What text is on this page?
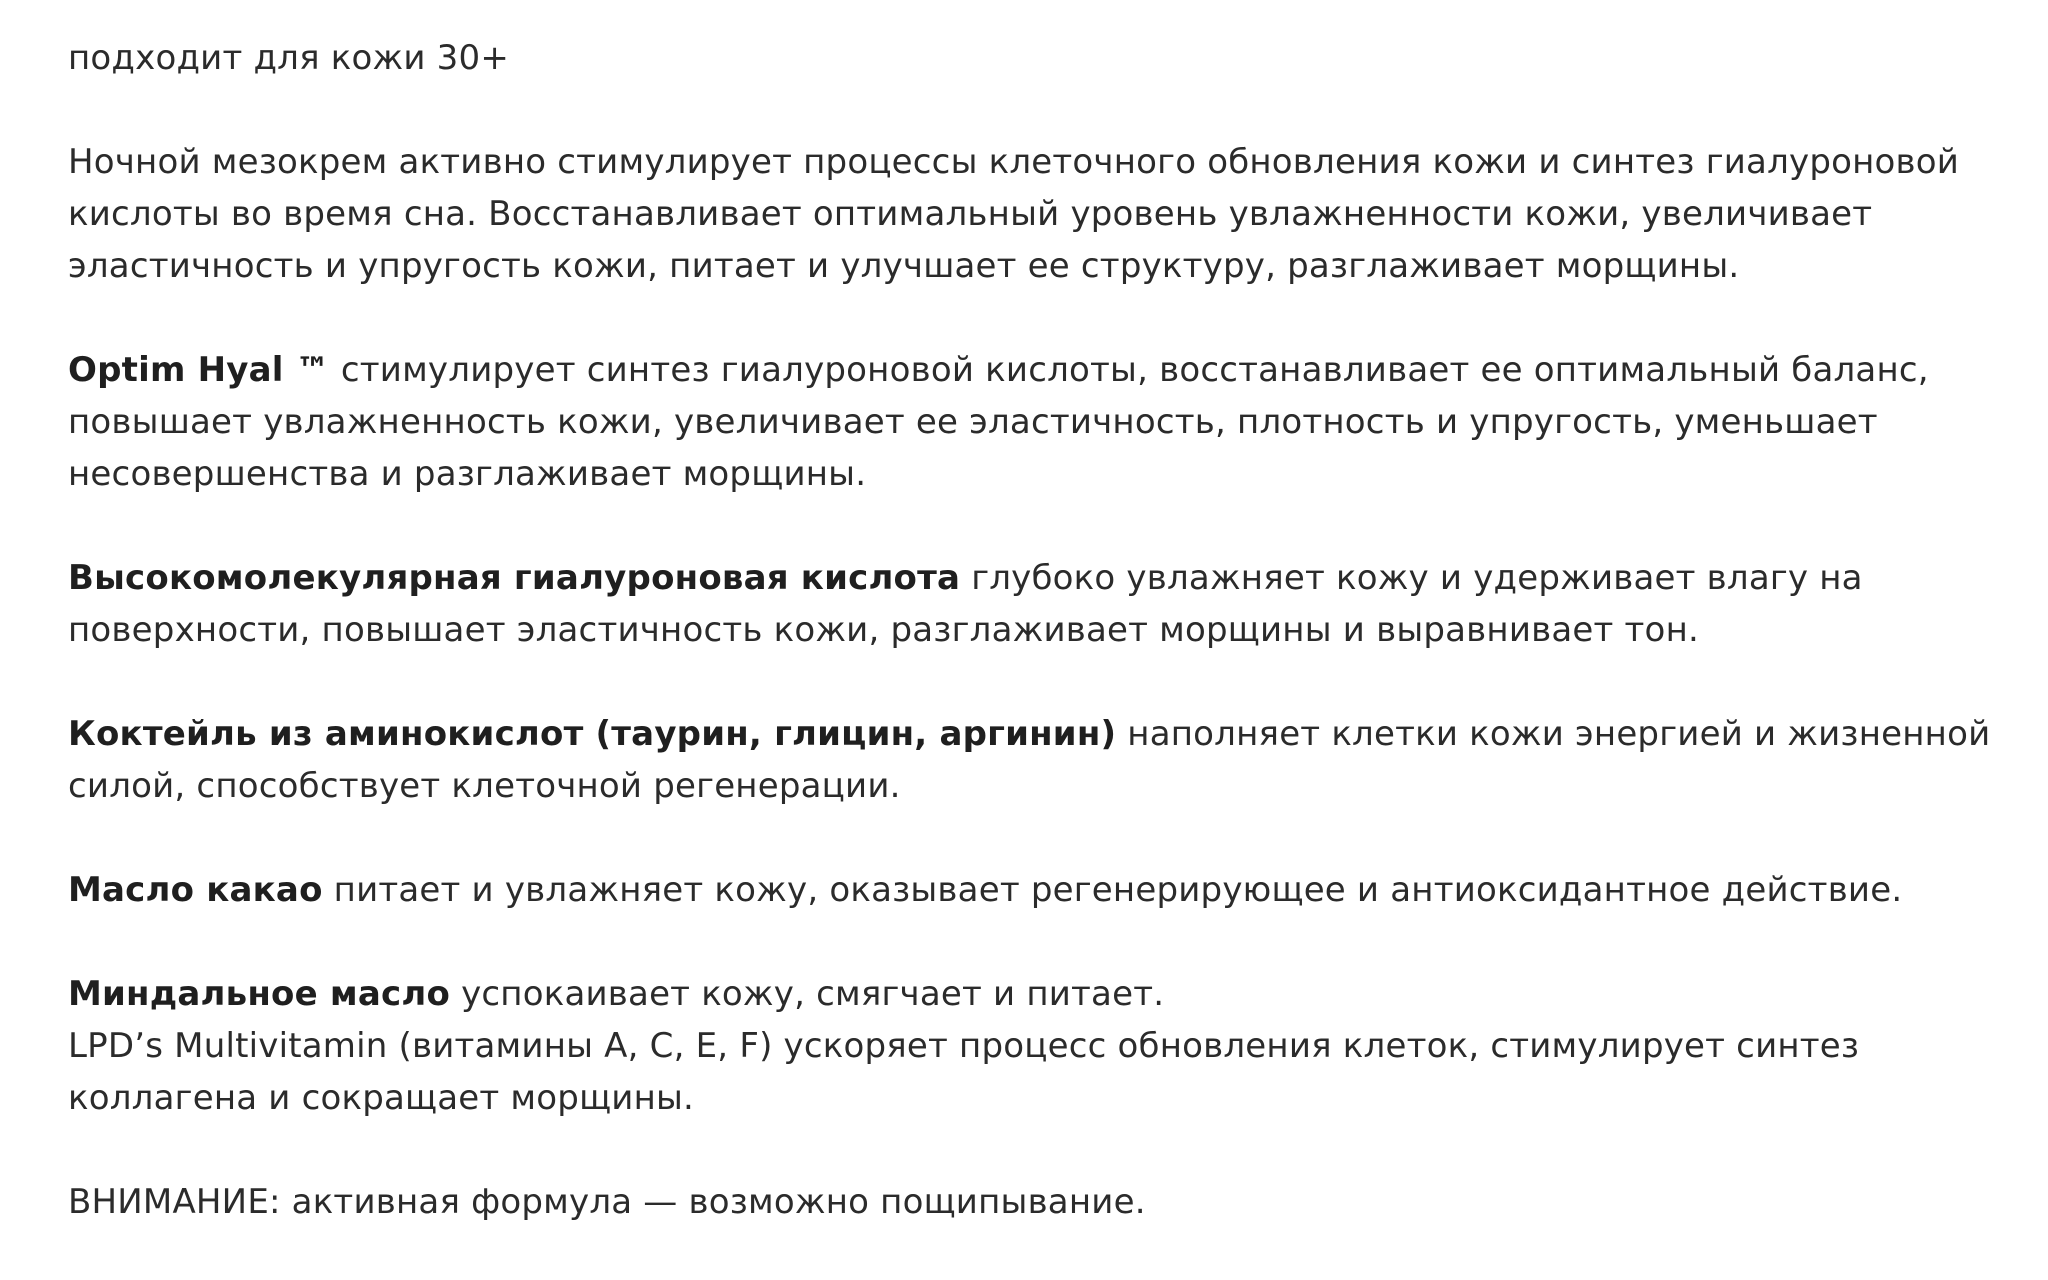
подходит для кожи 30+

Ночной мезокрем активно стимулирует процессы клеточного обновления кожи и синтез гиалуроновой кислоты во время сна. Восстанавливает оптимальный уровень увлажненности кожи, увеличивает эластичность и упругость кожи, питает и улучшает ее структуру, разглаживает морщины.

Optim Hyal ™ стимулирует синтез гиалуроновой кислоты, восстанавливает ее оптимальный баланс, повышает увлажненность кожи, увеличивает ее эластичность, плотность и упругость, уменьшает несовершенства и разглаживает морщины.

Высокомолекулярная гиалуроновая кислота глубоко увлажняет кожу и удерживает влагу на поверхности, повышает эластичность кожи, разглаживает морщины и выравнивает тон.

Коктейль из аминокислот (таурин, глицин, аргинин) наполняет клетки кожи энергией и жизненной силой, способствует клеточной регенерации.

Масло какао питает и увлажняет кожу, оказывает регенерирующее и антиоксидантное действие.

Миндальное масло успокаивает кожу, смягчает и питает.

LPD’s Multivitamin (витамины A, C, E, F) ускоряет процесс обновления клеток, стимулирует синтез коллагена и сокращает морщины.

ВНИМАНИЕ: активная формула — возможно пощипывание.
